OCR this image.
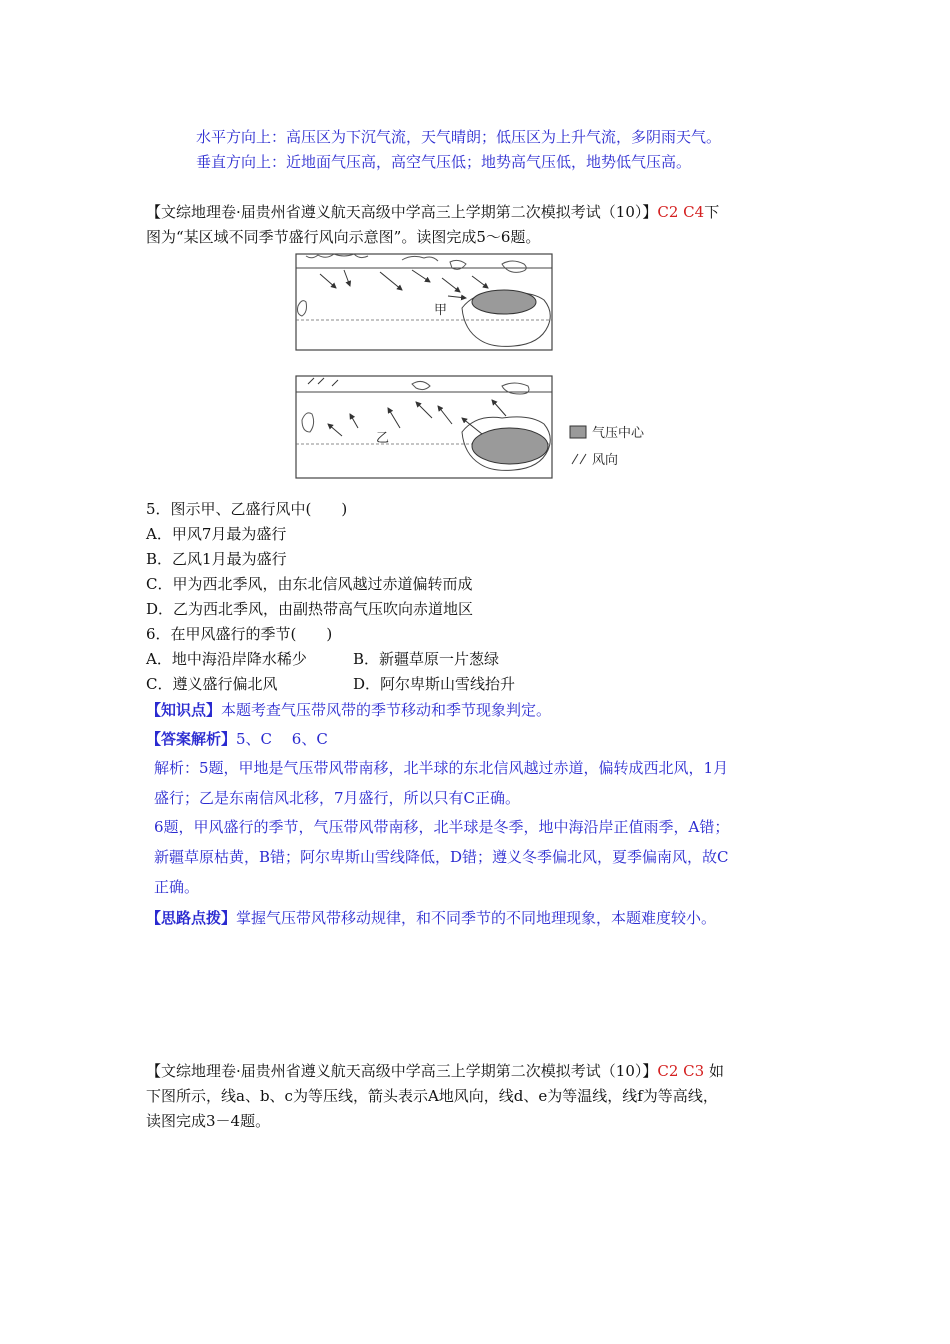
水平方向上：高压区为下沉气流，天气晴朗；低压区为上升气流，多阴雨天气。
垂直方向上：近地面气压高，高空气压低；地势高气压低，地势低气压高。
【文综地理卷·届贵州省遵义航天高级中学高三上学期第二次模拟考试（10）】C2 C4下
图为“某区域不同季节盛行风向示意图”。读图完成5～6题。
甲
乙	气压中心
风向
5．图示甲、乙盛行风中(　　)
A．甲风7月最为盛行
B．乙风1月最为盛行
C．甲为西北季风，由东北信风越过赤道偏转而成
D．乙为西北季风，由副热带高气压吹向赤道地区
6．在甲风盛行的季节(　　)
A．地中海沿岸降水稀少	B．新疆草原一片葱绿
C．遵义盛行偏北风	D．阿尔卑斯山雪线抬升
【知识点】本题考查气压带风带的季节移动和季节现象判定。
【答案解析】5、C　 6、C
解析：5题，甲地是气压带风带南移，北半球的东北信风越过赤道，偏转成西北风，1月
盛行；乙是东南信风北移，7月盛行，所以只有C正确。
6题，甲风盛行的季节，气压带风带南移，北半球是冬季，地中海沿岸正值雨季，A错；
新疆草原枯黄，B错；阿尔卑斯山雪线降低，D错；遵义冬季偏北风，夏季偏南风，故C
正确。
【思路点拨】掌握气压带风带移动规律，和不同季节的不同地理现象，本题难度较小。
【文综地理卷·届贵州省遵义航天高级中学高三上学期第二次模拟考试（10）】C2 C3 如
下图所示，线a、b、c为等压线，箭头表示A地风向，线d、e为等温线，线f为等高线，
读图完成3－4题。
